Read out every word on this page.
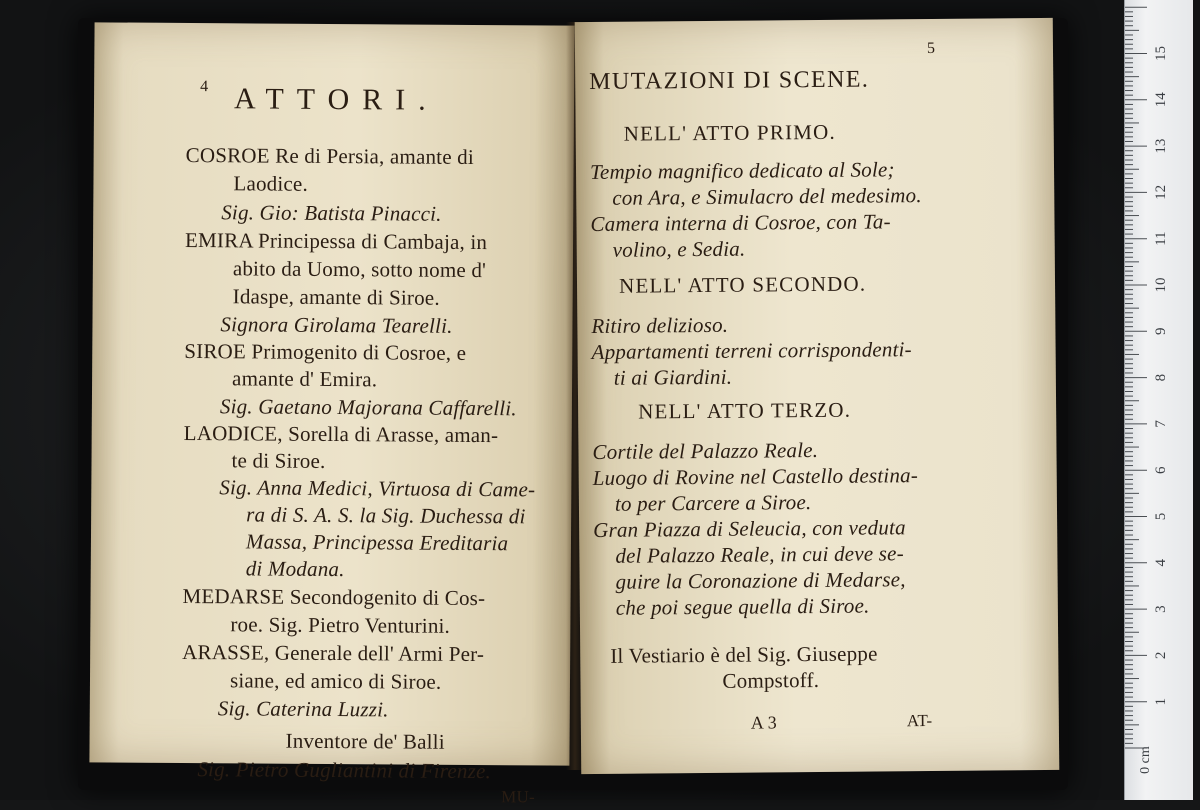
4 ATTORI.
COSROE Re di Persia, amante di
Laodice.
Sig. Gio: Batista Pinacci.
EMIRA Principessa di Cambaja, in
abito da Uomo, sotto nome d'
Idaspe, amante di Siroe.
Signora Girolama Tearelli.
SIROE Primogenito di Cosroe, e
amante d' Emira.
Sig. Gaetano Majorana Caffarelli.
LAODICE, Sorella di Arasse, aman-
te di Siroe.
Sig. Anna Medici, Virtuosa di Came-
ra di S. A. S. la Sig. Duchessa di
Massa, Principessa Ereditaria
di Modana.
MEDARSE Secondogenito di Cos-
roe. Sig. Pietro Venturini.
ARASSE, Generale dell' Armi Per-
siane, ed amico di Siroe.
Sig. Caterina Luzzi.
Inventore de' Balli
Sig. Pietro Gugliantini di Firenze.
MU-
5
MUTAZIONI DI SCENE.
NELL' ATTO PRIMO.
Tempio magnifico dedicato al Sole;
con Ara, e Simulacro del medesimo.
Camera interna di Cosroe, con Ta-
volino, e Sedia.
NELL' ATTO SECONDO.
Ritiro delizioso.
Appartamenti terreni corrispondenti-
ti ai Giardini.
NELL' ATTO TERZO.
Cortile del Palazzo Reale.
Luogo di Rovine nel Castello destina-
to per Carcere a Siroe.
Gran Piazza di Seleucia, con veduta
del Palazzo Reale, in cui deve se-
guire la Coronazione di Medarse,
che poi segue quella di Siroe.
Il Vestiario è del Sig. Giuseppe
Compstoff.
A 3	AT-
1
2
3
4
5
6
7
8
9
10
11
12
13
14
15
0 cm
